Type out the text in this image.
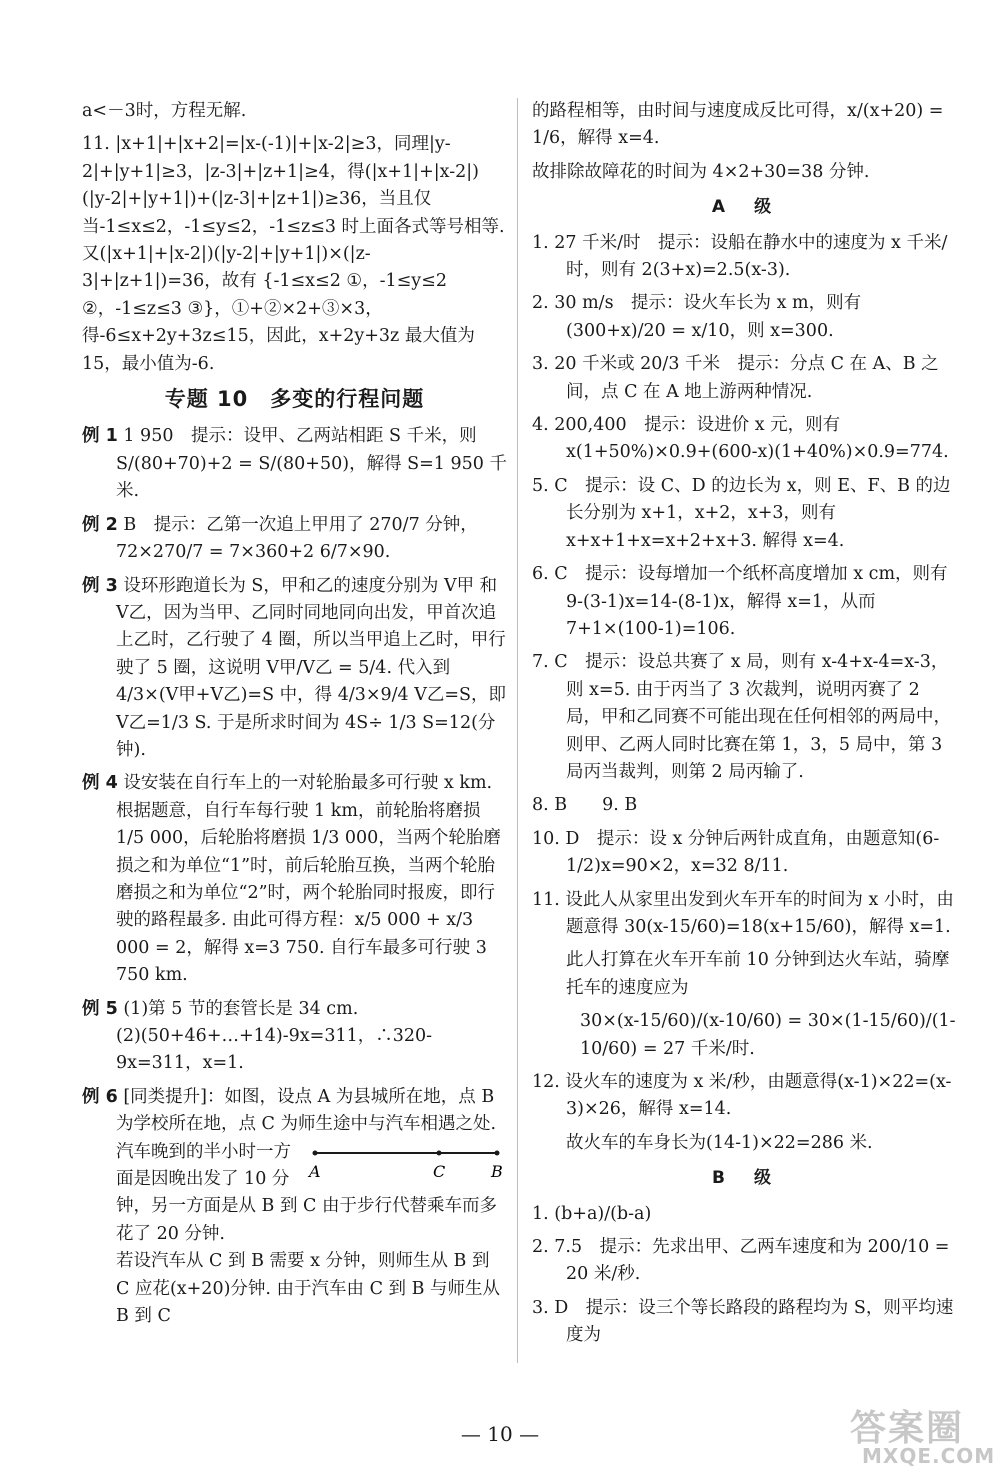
a<－3时，方程无解.

11. |x+1|+|x+2|=|x-(-1)|+|x-2|≥3，同理|y-2|+|y+1|≥3，|z-3|+|z+1|≥4，得(|x+1|+|x-2|)(|y-2|+|y+1|)+(|z-3|+|z+1|)≥36，当且仅当-1≤x≤2，-1≤y≤2，-1≤z≤3 时上面各式等号相等. 又(|x+1|+|x-2|)(|y-2|+|y+1|)×(|z-3|+|z+1|)=36，故有 {-1≤x≤2 ①，-1≤y≤2 ②，-1≤z≤3 ③}，①+②×2+③×3，得-6≤x+2y+3z≤15，因此，x+2y+3z 最大值为15，最小值为-6.

专题 10　多变的行程问题

例 1 1 950　提示：设甲、乙两站相距 S 千米，则 S/(80+70)+2 = S/(80+50)，解得 S=1 950 千米.

例 2 B　提示：乙第一次追上甲用了 270/7 分钟，72×270/7 = 7×360+2 6/7×90.

例 3 设环形跑道长为 S，甲和乙的速度分别为 V甲 和 V乙，因为当甲、乙同时同地同向出发，甲首次追上乙时，乙行驶了 4 圈，所以当甲追上乙时，甲行驶了 5 圈，这说明 V甲/V乙 = 5/4. 代入到 4/3×(V甲+V乙)=S 中，得 4/3×9/4 V乙=S，即 V乙=1/3 S. 于是所求时间为 4S÷ 1/3 S=12(分钟).

例 4 设安装在自行车上的一对轮胎最多可行驶 x km. 根据题意，自行车每行驶 1 km，前轮胎将磨损 1/5 000，后轮胎将磨损 1/3 000，当两个轮胎磨损之和为单位“1”时，前后轮胎互换，当两个轮胎磨损之和为单位“2”时，两个轮胎同时报废，即行驶的路程最多. 由此可得方程：x/5 000 + x/3 000 = 2，解得 x=3 750. 自行车最多可行驶 3 750 km.

例 5 (1)第 5 节的套管长是 34 cm.
(2)(50+46+…+14)-9x=311，∴320-9x=311，x=1.
例 6 [同类提升]：如图，设点 A 为县城所在地，点 B 为学校所在地，点 C 为师生途中与汽车相遇之处.
A	C	B

汽车晚到的半小时一方面是因晚出发了 10 分钟，另一方面是从 B 到 C 由于步行代替乘车而多花了 20 分钟.
若设汽车从 C 到 B 需要 x 分钟，则师生从 B 到 C 应花(x+20)分钟. 由于汽车由 C 到 B 与师生从 B 到 C

的路程相等，由时间与速度成反比可得，x/(x+20) = 1/6，解得 x=4.

故排除故障花的时间为 4×2+30=38 分钟.

A　级

1. 27 千米/时　提示：设船在静水中的速度为 x 千米/时，则有 2(3+x)=2.5(x-3).

2. 30 m/s　提示：设火车长为 x m，则有 (300+x)/20 = x/10，则 x=300.

3. 20 千米或 20/3 千米　提示：分点 C 在 A、B 之间，点 C 在 A 地上游两种情况.

4. 200,400　提示：设进价 x 元，则有 x(1+50%)×0.9+(600-x)(1+40%)×0.9=774.

5. C　提示：设 C、D 的边长为 x，则 E、F、B 的边长分别为 x+1，x+2，x+3，则有 x+x+1+x=x+2+x+3. 解得 x=4.

6. C　提示：设每增加一个纸杯高度增加 x cm，则有 9-(3-1)x=14-(8-1)x，解得 x=1，从而 7+1×(100-1)=106.

7. C　提示：设总共赛了 x 局，则有 x-4+x-4=x-3，则 x=5. 由于丙当了 3 次裁判，说明丙赛了 2 局，甲和乙同赛不可能出现在任何相邻的两局中，则甲、乙两人同时比赛在第 1，3，5 局中，第 3 局丙当裁判，则第 2 局丙输了.

8. B　　9. B

10. D　提示：设 x 分钟后两针成直角，由题意知(6-1/2)x=90×2，x=32 8/11.

11. 设此人从家里出发到火车开车的时间为 x 小时，由题意得 30(x-15/60)=18(x+15/60)，解得 x=1.

此人打算在火车开车前 10 分钟到达火车站，骑摩托车的速度应为

30×(x-15/60)/(x-10/60) = 30×(1-15/60)/(1-10/60) = 27 千米/时.

12. 设火车的速度为 x 米/秒，由题意得(x-1)×22=(x-3)×26，解得 x=14.

故火车的车身长为(14-1)×22=286 米.

B　级

1. (b+a)/(b-a)

2. 7.5　提示：先求出甲、乙两车速度和为 200/10 = 20 米/秒.

3. D　提示：设三个等长路段的路程均为 S，则平均速度为

— 10 —	答案圈
MXQE.COM
